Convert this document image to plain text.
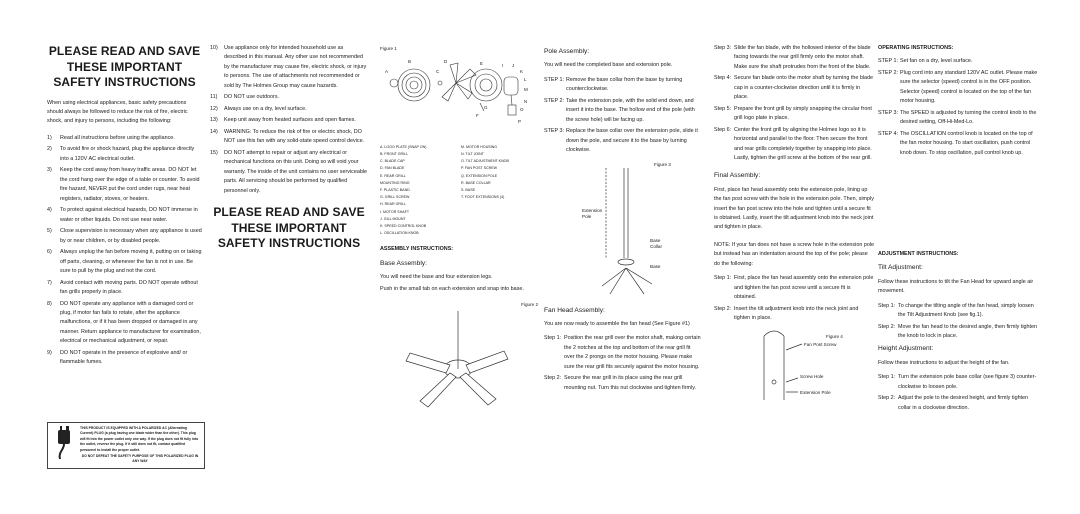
PLEASE READ AND SAVE
THESE IMPORTANT
SAFETY INSTRUCTIONS

When using electrical appliances, basic safety precautions should always be followed to reduce the risk of fire, electric shock, and injury to persons, including the following:

1)	Read all instructions before using the appliance.
2)	To avoid fire or shock hazard, plug the appliance directly into a 120V AC electrical outlet.
3)	Keep the cord away from heavy traffic areas. DO NOT let the cord hang over the edge of a table or counter. To avoid fire hazard, NEVER put the cord under rugs, near heat registers, radiator, stoves, or heaters.
4)	To protect against electrical hazards, DO NOT immerse in water or other liquids. Do not use near water.
5)	Close supervision is necessary when any appliance is used by or near children, or by disabled people.
6)	Always unplug the fan before moving it, putting on or taking off parts, cleaning, or whenever the fan is not in use. Be sure to pull by the plug and not the cord.
7)	Avoid contact with moving parts. DO NOT operate without fan grills properly in place.
8)	DO NOT operate any appliance with a damaged cord or plug, if motor fan fails to rotate, after the appliance malfunctions, or if it has been dropped or damaged in any manner. Return appliance to manufacturer for examination, electrical or mechanical adjustment, or repair.
9)	DO NOT operate in the presence of explosive and/ or flammable fumes.
10)	Use appliance only for intended household use as described in this manual. Any other use not recommended by the manufacturer may cause fire, electric shock, or injury to persons. The use of attachments not recommended or sold by The Holmes Group may cause hazards.
11)	DO NOT use outdoors.
12)	Always use on a dry, level surface.
13)	Keep unit away from heated surfaces and open flames.
14)	WARNING: To reduce the risk of fire or electric shock, DO NOT use this fan with any solid-state speed control device.
15)	DO NOT attempt to repair or adjust any electrical or mechanical functions on this unit. Doing so will void your warranty. The inside of the unit contains no user serviceable parts. All servicing should be performed by qualified personnel only.
PLEASE READ AND SAVE
THESE IMPORTANT
SAFETY INSTRUCTIONS
THIS PRODUCT IS EQUIPPED WITH A POLARIZED AC (Alternating Current) PLUG (a plug having one blade wider than the other). This plug will fit into the power outlet only one way. If the plug does not fit fully into the outlet, reverse the plug. If it still does not fit, contact qualified personnel to install the proper outlet.
DO NOT DEFEAT THE SAFETY PURPOSE OF THIS POLARIZED PLUG IN ANY WAY
Figure 1
A
B
C
D	E
G
I J
K
L
M
N
O
P
F
A. LOGO PLATE (SNAP ON)	M. MOTOR HOUSING
B. FRONT GRILL	N. TILT JOINT
C. BLADE CAP	O. TILT ADJUSTMENT KNOB
D. FAN BLADE	P. FAN POST SCREW
E. REAR GRILL	Q. EXTENSION POLE
MOUNTING RING	R. BASE COLLAR
F. PLASTIC BAND	S. BASE
G. GRILL SCREW	T. FOOT EXTENSIONS (4)
H. REAR GRILL
I. MOTOR SHAFT
J. GILL MOUNT
K. SPEED CONTROL KNOB
L. OSCILLATION KNOB
ASSEMBLY INSTRUCTIONS:
Base Assembly:

You will need the base and four extension legs.

Push in the small tab on each extension and snap into base.

Figure 2
Pole Assembly:

You will need the completed base and extension pole.

STEP 1: Remove the base collar from the base by turning counterclockwise.
STEP 2: Take the extension pole, with the solid end down, and insert it into the base. The hollow end of the pole (with the screw hole) will be facing up.
STEP 3: Replace the base collar over the extension pole, slide it down the pole, and secure it to the base by turning clockwise.
Figure 3
Extension Pole
Base Collar
Base
Fan Head Assembly:

You are now ready to assemble the fan head (See Figure #1)

Step 1: Position the rear grill over the motor shaft, making certain the 2 notches at the top and bottom of the rear grill fit over the 2 prongs on the motor housing. Please make sure the rear grill fits securely against the motor housing.
Step 2: Secure the rear grill in its place using the rear grill mounting nut. Turn this nut clockwise and tighten firmly.
Step 3: Slide the fan blade, with the hollowed interior of the blade facing towards the rear grill firmly onto the motor shaft. Make sure the shaft protrudes from the front of the blade.
Step 4: Secure fan blade onto the motor shaft by turning the blade cap in a counter-clockwise direction until it is firmly in place.
Step 5: Prepare the front grill by simply snapping the circular front grill logo plate in place.
Step 6: Center the front grill by aligning the Holmes logo so it is horizontal and parallel to the floor. Then secure the front and rear grills completely together by snapping into place. Lastly, tighten the grill screw at the bottom of the rear grill.
Final Assembly:

First, place fan head assembly onto the extension pole, lining up the fan post screw with the hole in the extension pole. Then, simply insert the fan post screw into the hole and tighten until a secure fit is obtained. Lastly, insert the tilt adjustment knob into the neck joint and tighten in place.

NOTE: If your fan does not have a screw hole in the extension pole but instead has an indentation around the top of the pole; please do the following:

Step 1: First, place the fan head assembly onto the extension pole and tighten the fan post screw until a secure fit is obtained.
Step 2: Insert the tilt adjustment knob into the neck joint and tighten in place.
Figure 4
Fan Post Screw
Screw Hole
Extension Pole
OPERATING INSTRUCTIONS:
STEP 1: Set fan on a dry, level surface.
STEP 2: Plug cord into any standard 120V AC outlet. Please make sure the selector (speed) control is in the OFF position. Selector (speed) control is located on the top of the fan motor housing.
STEP 3: The SPEED is adjusted by turning the control knob to the desired setting, Off-Hi-Med-Lo.
STEP 4: The OSCILLATION control knob is located on the top of the fan motor housing. To start oscillation, push control knob down. To stop oscillation, pull control knob up.
ADJUSTMENT INSTRUCTIONS:
Tilt Adjustment:

Follow these instructions to tilt the Fan Head for upward angle air movement.

Step 1: To change the tilting angle of the fan head, simply loosen the Tilt Adjustment Knob (see fig.1).
Step 2: Move the fan head to the desired angle, then firmly tighten the knob to lock in place.
Height Adjustment:

Follow these instructions to adjust the height of the fan.

Step 1: Turn the extension pole base collar (see figure 3) counter-clockwise to loosen pole.
Step 2: Adjust the pole to the desired height, and firmly tighten collar in a clockwise direction.
